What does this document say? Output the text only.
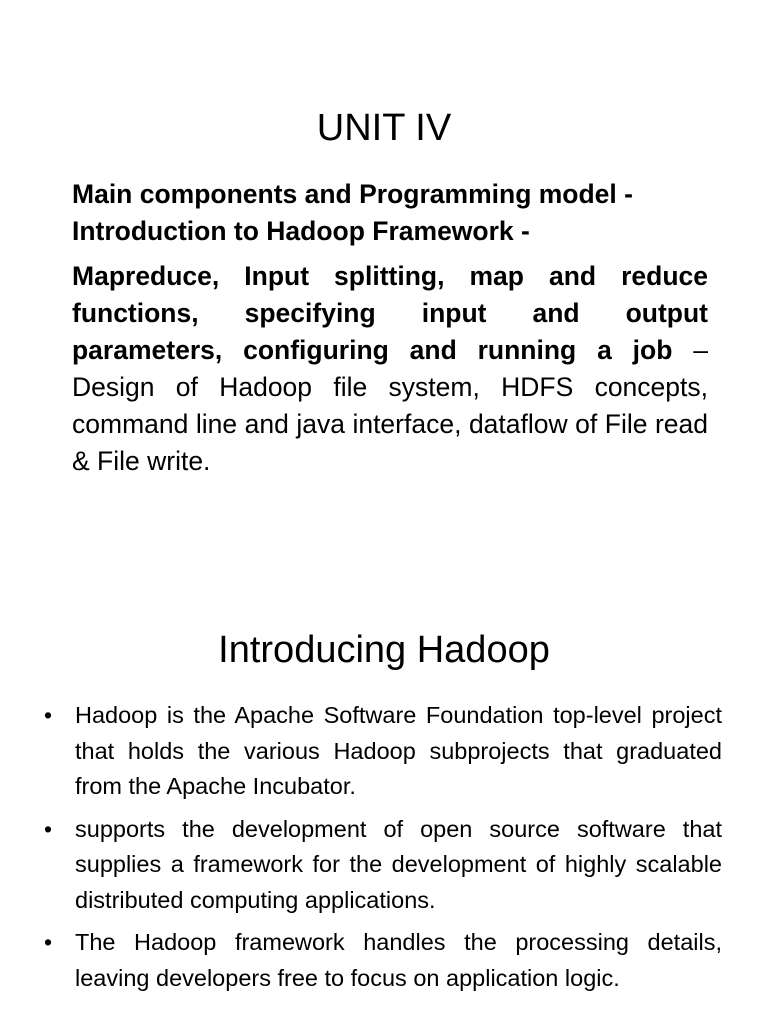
UNIT IV

Main components and Programming model - Introduction to Hadoop Framework -

Mapreduce, Input splitting, map and reduce functions, specifying input and output parameters, configuring and running a job – Design of Hadoop file system, HDFS concepts, command line and java interface, dataflow of File read & File write.

Introducing Hadoop
• Hadoop is the Apache Software Foundation top-level project that holds the various Hadoop subprojects that graduated from the Apache Incubator.
• supports the development of open source software that supplies a framework for the development of highly scalable distributed computing applications.
• The Hadoop framework handles the processing details, leaving developers free to focus on application logic.
